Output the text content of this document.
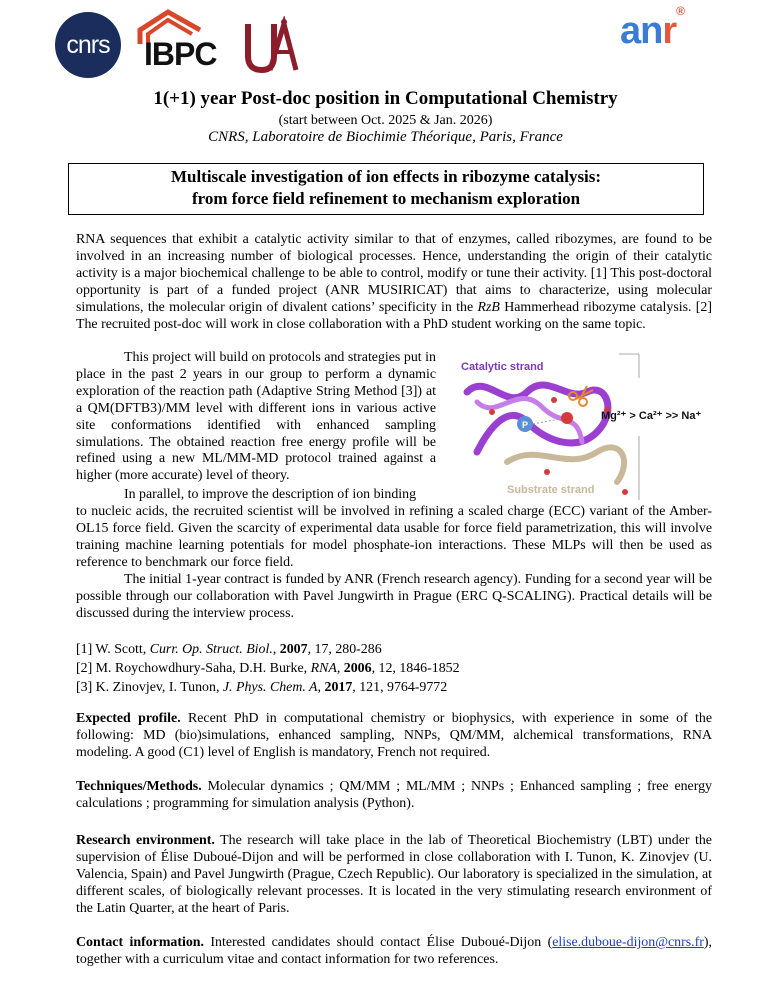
cnrs IBPC
anr®
1(+1) year Post-doc position in Computational Chemistry
(start between Oct. 2025 & Jan. 2026)
CNRS, Laboratoire de Biochimie Théorique, Paris, France
Multiscale investigation of ion effects in ribozyme catalysis:
from force field refinement to mechanism exploration
RNA sequences that exhibit a catalytic activity similar to that of enzymes, called ribozymes, are found to be involved in an increasing number of biological processes. Hence, understanding the origin of their catalytic activity is a major biochemical challenge to be able to control, modify or tune their activity. [1] This post-doctoral opportunity is part of a funded project (ANR MUSIRICAT) that aims to characterize, using molecular simulations, the molecular origin of divalent cations’ specificity in the RzB Hammerhead ribozyme catalysis. [2] The recruited post-doc will work in close collaboration with a PhD student working on the same topic.
This project will build on protocols and strategies put in place in the past 2 years in our group to perform a dynamic exploration of the reaction path (Adaptive String Method [3]) at a QM(DFTB3)/MM level with different ions in various active site conformations identified with enhanced sampling simulations. The obtained reaction free energy profile will be refined using a new ML/MM-MD protocol trained against a higher (more accurate) level of theory.
In parallel, to improve the description of ion binding
to nucleic acids, the recruited scientist will be involved in refining a scaled charge (ECC) variant of the Amber-OL15 force field. Given the scarcity of experimental data usable for force field parametrization, this will involve training machine learning potentials for model phosphate-ion interactions. These MLPs will then be used as reference to benchmark our force field.
The initial 1-year contract is funded by ANR (French research agency). Funding for a second year will be possible through our collaboration with Pavel Jungwirth in Prague (ERC Q-SCALING). Practical details will be discussed during the interview process.
P
Catalytic strand
Substrate strand
Mg²⁺ > Ca²⁺ >> Na⁺
[1] W. Scott, Curr. Op. Struct. Biol., 2007, 17, 280-286
[2] M. Roychowdhury-Saha, D.H. Burke, RNA, 2006, 12, 1846-1852
[3] K. Zinovjev, I. Tunon, J. Phys. Chem. A, 2017, 121, 9764-9772
Expected profile. Recent PhD in computational chemistry or biophysics, with experience in some of the following: MD (bio)simulations, enhanced sampling, NNPs, QM/MM, alchemical transformations, RNA modeling. A good (C1) level of English is mandatory, French not required.
Techniques/Methods. Molecular dynamics ; QM/MM ; ML/MM ; NNPs ; Enhanced sampling ; free energy calculations ; programming for simulation analysis (Python).
Research environment. The research will take place in the lab of Theoretical Biochemistry (LBT) under the supervision of Élise Duboué-Dijon and will be performed in close collaboration with I. Tunon, K. Zinovjev (U. Valencia, Spain) and Pavel Jungwirth (Prague, Czech Republic). Our laboratory is specialized in the simulation, at different scales, of biologically relevant processes. It is located in the very stimulating research environment of the Latin Quarter, at the heart of Paris.
Contact information. Interested candidates should contact Élise Duboué-Dijon (elise.duboue-dijon@cnrs.fr), together with a curriculum vitae and contact information for two references.
